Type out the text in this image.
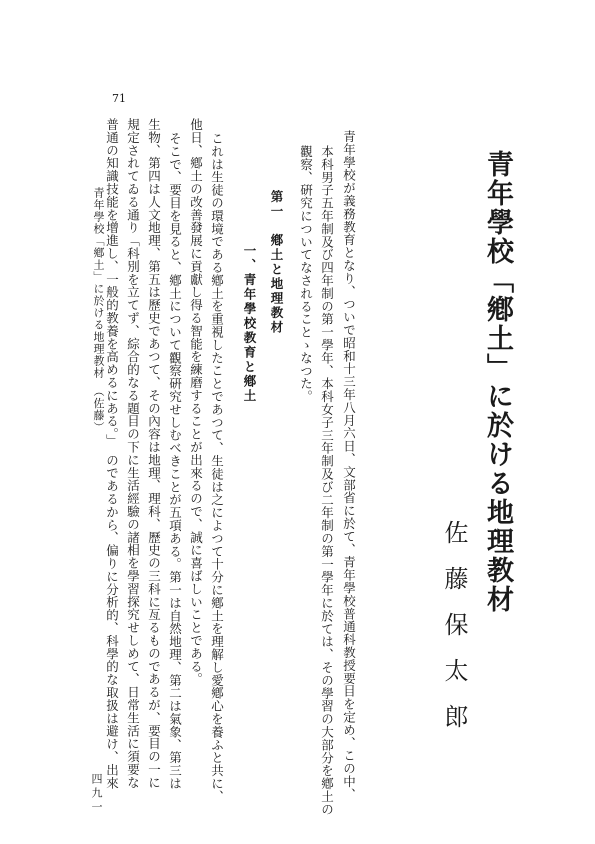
71
青年學校「鄕土」に於ける地理教材
佐藤保太郎
青年學校が義務教育となり、ついで昭和十三年八月六日、文部省に於て、青年學校普通科教授要目を定め、この中、
本科男子五年制及び四年制の第一學年、本科女子三年制及び二年制の第一學年に於ては、その學習の大部分を鄕土の
觀察、硏究についてなされることゝなつた。
第一　鄕土と地理教材
一、青年學校教育と鄕土
これは生徒の環境である鄕土を重視したことであつて、生徒は之によつて十分に鄕土を理解し愛鄕心を養ふと共に、
他日、鄕土の改善發展に貢獻し得る智能を練磨することが出來るので、誠に喜ばしいことである。
そこで、要目を見ると、鄕土について觀察硏究せしむべきことが五項ある。第一は自然地理、第二は氣象、第三は
生物、第四は人文地理、第五は歷史であつて、その內容は地理、理科、歷史の三科に亙るものであるが、要目の一に
規定されてゐる通り「科別を立てず、綜合的なる題目の下に生活經驗の諸相を學習探究せしめて、日常生活に須要な
普通の知識技能を增進し、一般的教養を高めるにある。」　のであるから、偏りに分析的、科學的な取扱は避け、出來
青年學校「鄕土」に於ける地理教材　（佐藤）
四九一
